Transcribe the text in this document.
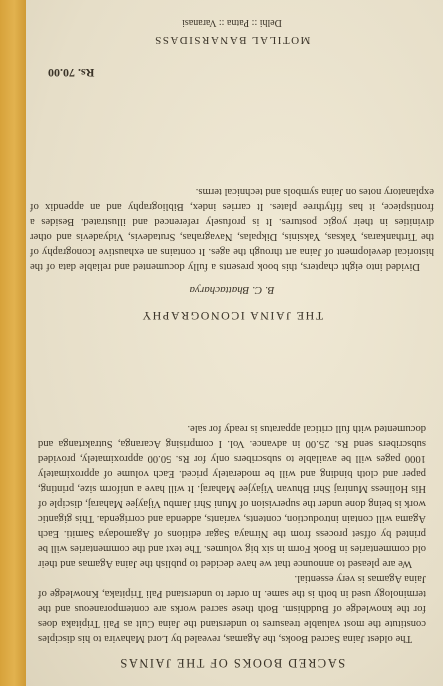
SACRED BOOKS OF THE JAINAS

The oldest Jaina Sacred Books, the Agamas, revealed by Lord Mahavira to his disciples constitute the most valuable treasures to understand the Jaina Cult as Pali Tripitaka does for the knowledge of Buddhism. Both these sacred works are contemporaneous and the terminology used in both is the same. In order to understand Pali Tripitaka, Knowledge of Jaina Agamas is very essential.

We are pleased to announce that we have decided to publish the Jaina Agamas and their old commentaries in Book Form in six big volumes. The text and the commentaries will be printed by offset process from the Nirnaya Sagar editions of Agamodaya Samiti. Each Agama will contain introduction, contents, variants, addenda and corrigenda. This gigantic work is being done under the supervision of Muni Shri Jambu Vijayjee Maharaj, disciple of His Holiness Muniraj Shri Bhuvan Vijayjee Maharaj. It will have a uniform size, printing, paper and cloth binding and will be moderately priced. Each volume of approximately 1000 pages will be available to subscribers only for Rs. 50.00 approximately, provided subscribers send Rs. 25.00 in advance. Vol. I comprising Acaranga, Sutrakrtanga and documented with full critical apparatus is ready for sale.

THE JAINA ICONOGRAPHY
B. C. Bhattacharya

Divided into eight chapters, this book presents a fully documented and reliable data of the historical development of Jaina art through the ages. It contains an exhaustive Iconography of the Tirthankaras, Yaksas, Yaksinis, Dikpalas, Navagrahas, Srutadevis, Vidyadevis and other divinities in their yogic postures. It is profusely referenced and illustrated. Besides a frontispiece, it has fiftythree plates. It carries index, Bibliography and an appendix of explanatory notes on Jaina symbols and technical terms.

Rs. 70.00
MOTILAL BANARSIDASS
Delhi :: Patna :: Varanasi
